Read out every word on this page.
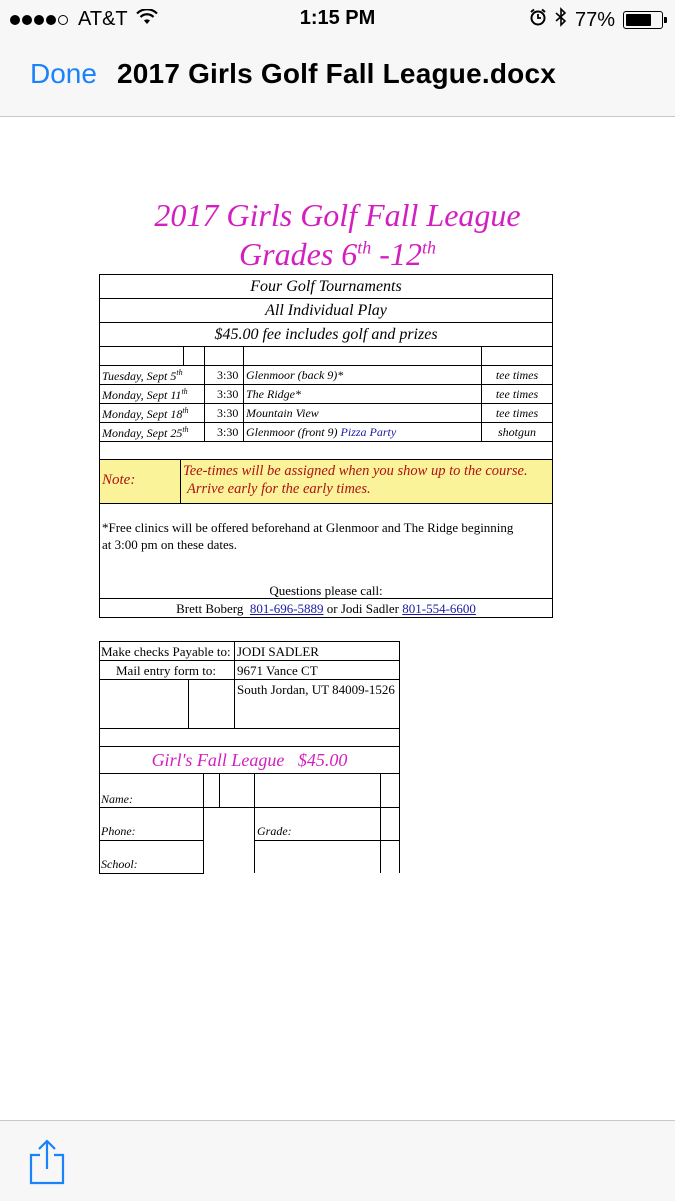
AT&T	1:15 PM	77%
Done 2017 Girls Golf Fall League.docx
2017 Girls Golf Fall League
Grades 6th -12th
Four Golf Tournaments
All Individual Play
$45.00 fee includes golf and prizes
Tuesday, Sept 5th	3:30 Glenmoor (back 9)*	tee times
Monday, Sept 11th 3:30 The Ridge*	tee times
Monday, Sept 18th 3:30 Mountain View	tee times
Monday, Sept 25th 3:30 Glenmoor (front 9) Pizza Party	shotgun
Note:
Tee-times will be assigned when you show up to the course.
Arrive early for the early times.
*Free clinics will be offered beforehand at Glenmoor and The Ridge beginning
at 3:00 pm on these dates.
Questions please call:
Brett Boberg 801-696-5889 or Jodi Sadler 801-554-6600
Make checks Payable to: JODI SADLER
Mail entry form to: 9671 Vance CT
South Jordan, UT 84009-1526
Girl's Fall League $45.00
Name:
Phone:	Grade:
School:
